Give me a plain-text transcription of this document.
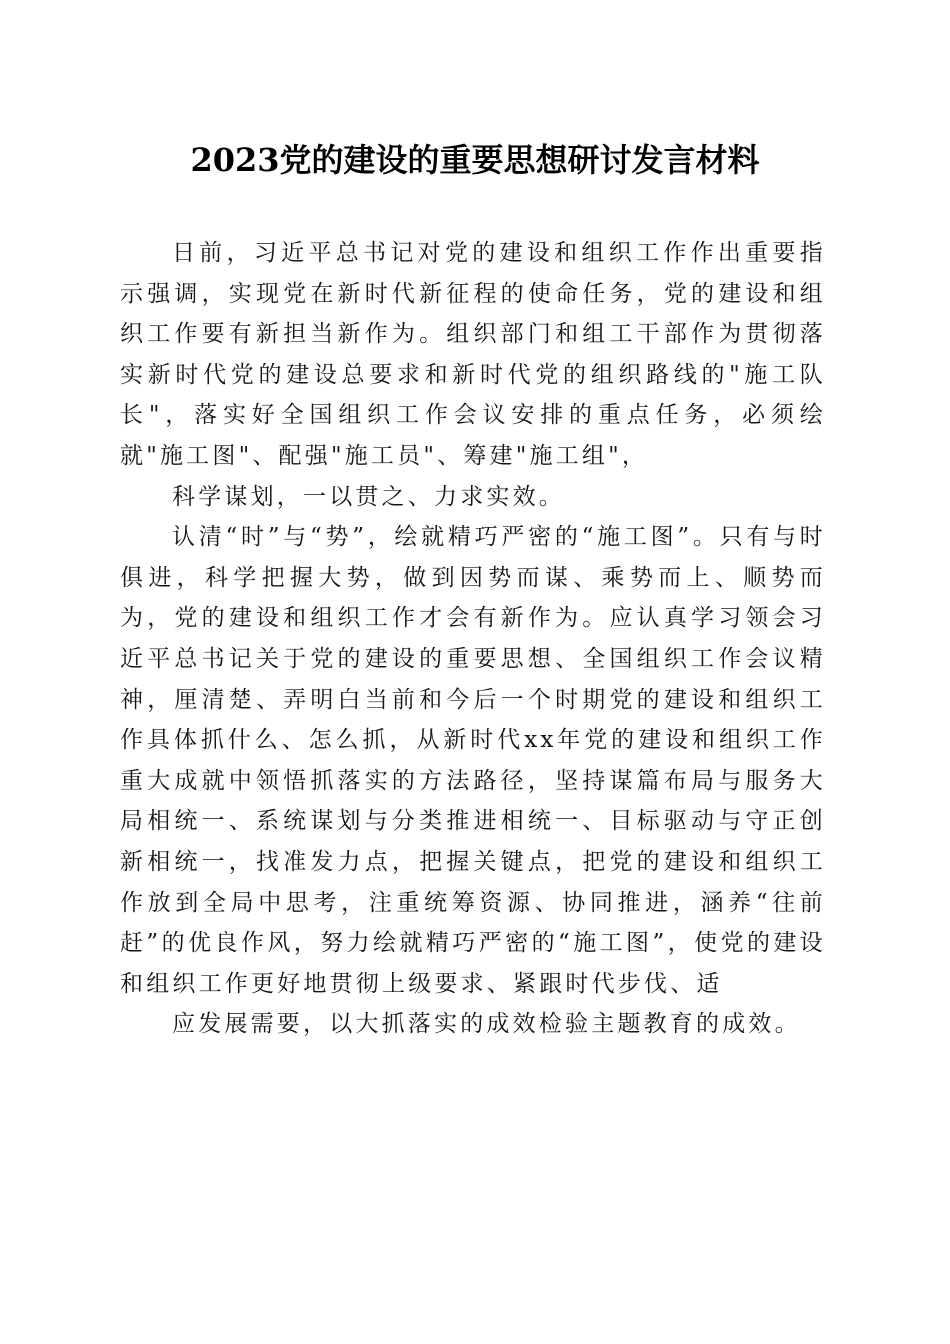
2023党的建设的重要思想研讨发言材料

日前，习近平总书记对党的建设和组织工作作出重要指示强调，实现党在新时代新征程的使命任务，党的建设和组织工作要有新担当新作为。组织部门和组工干部作为贯彻落实新时代党的建设总要求和新时代党的组织路线的"施工队长"，落实好全国组织工作会议安排的重点任务，必须绘就"施工图"、配强"施工员"、筹建"施工组"，

科学谋划，一以贯之、力求实效。

认清“时”与“势”，绘就精巧严密的“施工图”。只有与时俱进，科学把握大势，做到因势而谋、乘势而上、顺势而为，党的建设和组织工作才会有新作为。应认真学习领会习近平总书记关于党的建设的重要思想、全国组织工作会议精神，厘清楚、弄明白当前和今后一个时期党的建设和组织工作具体抓什么、怎么抓，从新时代xx年党的建设和组织工作重大成就中领悟抓落实的方法路径，坚持谋篇布局与服务大局相统一、系统谋划与分类推进相统一、目标驱动与守正创新相统一，找准发力点，把握关键点，把党的建设和组织工作放到全局中思考，注重统筹资源、协同推进，涵养“往前赶”的优良作风，努力绘就精巧严密的“施工图”，使党的建设和组织工作更好地贯彻上级要求、紧跟时代步伐、适

应发展需要，以大抓落实的成效检验主题教育的成效。
